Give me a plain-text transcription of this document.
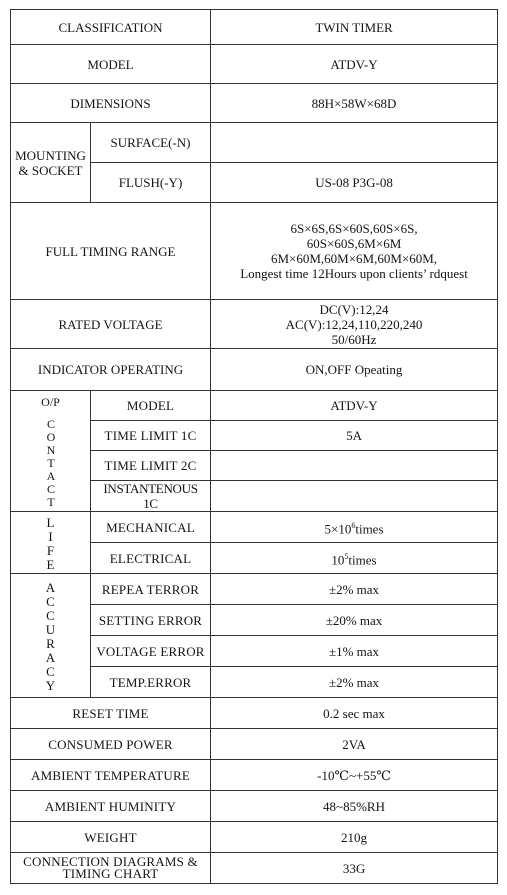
CLASSIFICATION		TWIN TIMER
MODEL		ATDV-Y
DIMENSIONS		88H×58W×68D

MOUNTING
& SOCKET	SURFACE(-N)	
	FLUSH(-Y)	US-08 P3G-08
FULL TIMING RANGE		6S×6S,6S×60S,60S×6S,
60S×60S,6M×6M
6M×60M,60M×6M,60M×60M,
Longest time 12Hours upon clients’ rdquest

RATED VOLTAGE		DC(V):12,24
AC(V):12,24,110,220,240
50/60Hz

INDICATOR OPERATING		ON,OFF Opeating

O/P
CONTACT	MODEL	ATDV-Y
	TIME LIMIT 1C	5A
	TIME LIMIT 2C	
	INSTANTENOUS 1C	
LIFE	MECHANICAL	$5\times 10^6times$
	ELECTRICAL	$10^5times$
ACCURACY	REPEA TERROR	±2% max
	SETTING ERROR	±20% max
	VOLTAGE ERROR	±1% max
	TEMP.ERROR	±2% max
RESET TIME		0.2 sec max
CONSUMED POWER		2VA
AMBIENT TEMPERATURE		-10℃~+55℃
AMBIENT HUMINITY		48~85%RH
WEIGHT		210g

CONNECTION DIAGRAMS &
TIMING CHART		33G
